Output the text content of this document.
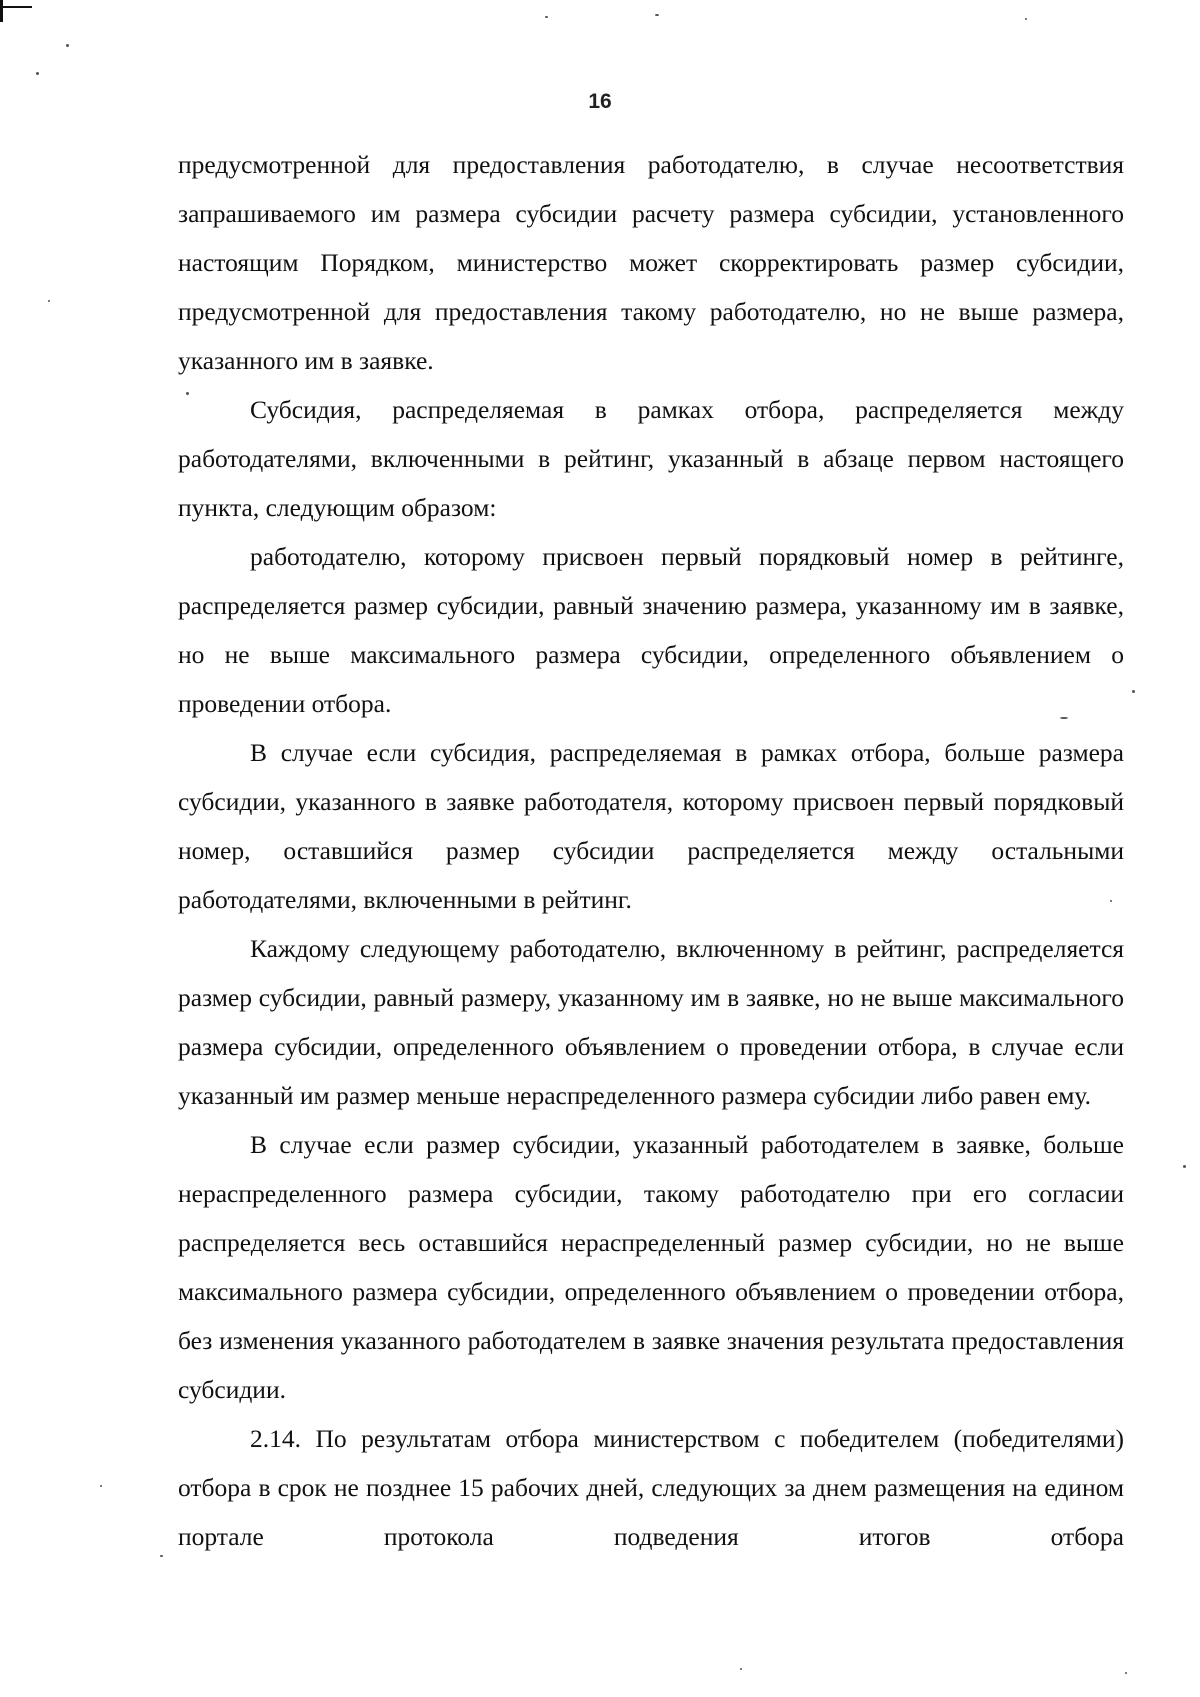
16

предусмотренной для предоставления работодателю, в случае несоответствия запрашиваемого им размера субсидии расчету размера субсидии, установленного настоящим Порядком, министерство может скорректировать размер субсидии, предусмотренной для предоставления такому работодателю, но не выше размера, указанного им в заявке.

Субсидия, распределяемая в рамках отбора, распределяется между работодателями, включенными в рейтинг, указанный в абзаце первом настоящего пункта, следующим образом:

работодателю, которому присвоен первый порядковый номер в рейтинге, распределяется размер субсидии, равный значению размера, указанному им в заявке, но не выше максимального размера субсидии, определенного объявлением о проведении отбора.

В случае если субсидия, распределяемая в рамках отбора, больше размера субсидии, указанного в заявке работодателя, которому присвоен первый порядковый номер, оставшийся размер субсидии распределяется между остальными работодателями, включенными в рейтинг.

Каждому следующему работодателю, включенному в рейтинг, распределяется размер субсидии, равный размеру, указанному им в заявке, но не выше максимального размера субсидии, определенного объявлением о проведении отбора, в случае если указанный им размер меньше нераспределенного размера субсидии либо равен ему.

В случае если размер субсидии, указанный работодателем в заявке, больше нераспределенного размера субсидии, такому работодателю при его согласии распределяется весь оставшийся нераспределенный размер субсидии, но не выше максимального размера субсидии, определенного объявлением о проведении отбора, без изменения указанного работодателем в заявке значения результата предоставления субсидии.

2.14. По результатам отбора министерством с победителем (победителями) отбора в срок не позднее 15 рабочих дней, следующих за днем размещения на едином портале протокола подведения итогов отбора
